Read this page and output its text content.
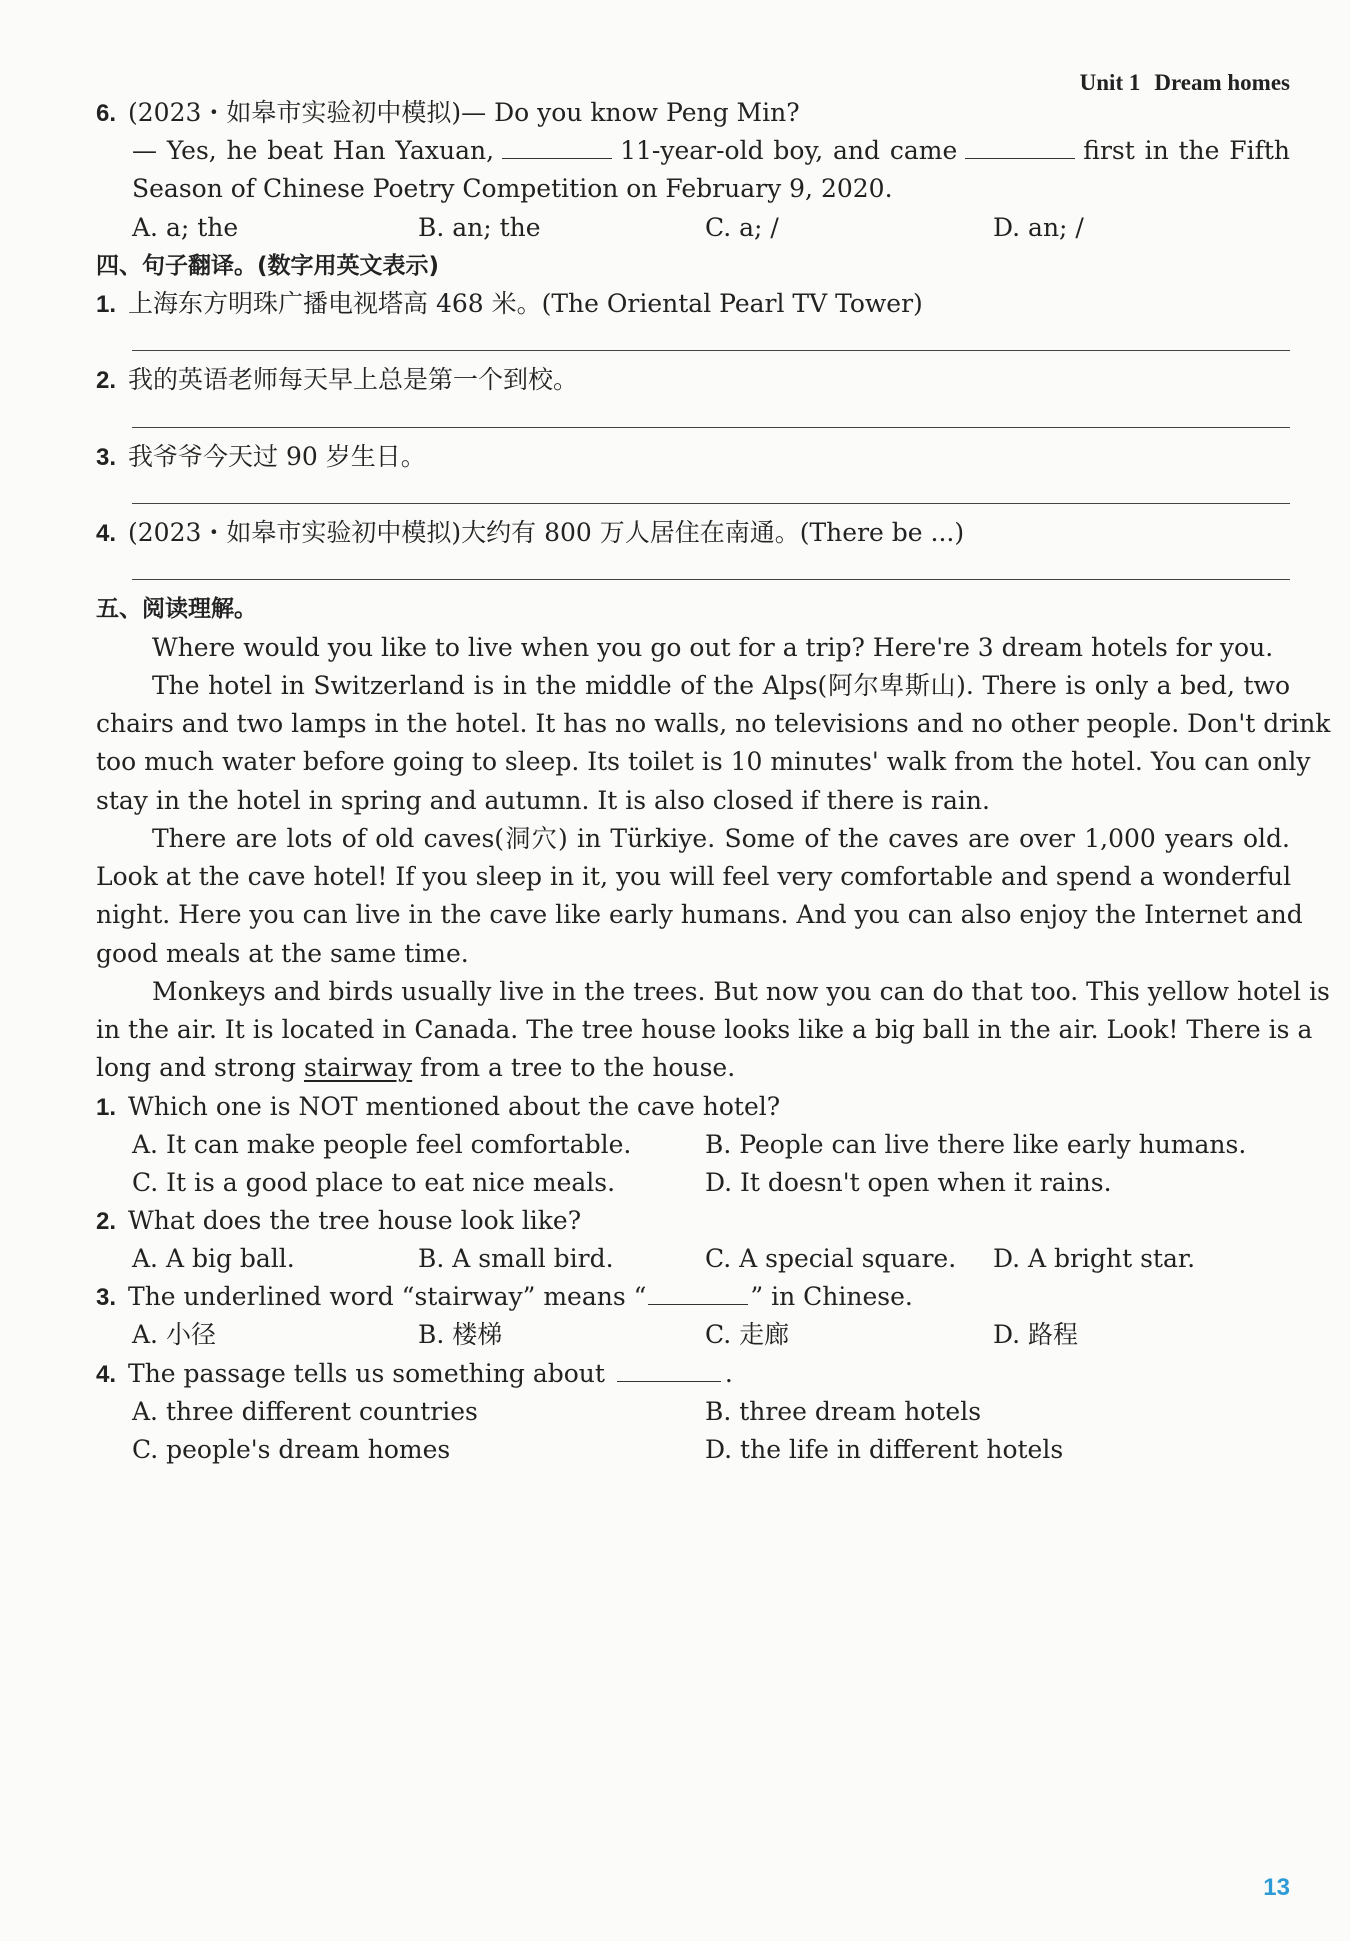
Unit 1 Dream homes
6. (2023・如皋市实验初中模拟)— Do you know Peng Min?
— Yes, he beat Han Yaxuan,	11-year-old boy, and came	first in the Fifth
Season of Chinese Poetry Competition on February 9, 2020.
A. a; the	B. an; the	C. a; /	D. an; /
四、句子翻译。(数字用英文表示)
1. 上海东方明珠广播电视塔高 468 米。(The Oriental Pearl TV Tower)
2. 我的英语老师每天早上总是第一个到校。
3. 我爷爷今天过 90 岁生日。
4. (2023・如皋市实验初中模拟)大约有 800 万人居住在南通。(There be ...)
五、阅读理解。
Where would you like to live when you go out for a trip? Here're 3 dream hotels for you.
The hotel in Switzerland is in the middle of the Alps(阿尔卑斯山). There is only a bed, two
chairs and two lamps in the hotel. It has no walls, no televisions and no other people. Don't drink
too much water before going to sleep. Its toilet is 10 minutes' walk from the hotel. You can only
stay in the hotel in spring and autumn. It is also closed if there is rain.
There are lots of old caves(洞穴) in Türkiye. Some of the caves are over 1,000 years old.
Look at the cave hotel! If you sleep in it, you will feel very comfortable and spend a wonderful
night. Here you can live in the cave like early humans. And you can also enjoy the Internet and
good meals at the same time.
Monkeys and birds usually live in the trees. But now you can do that too. This yellow hotel is
in the air. It is located in Canada. The tree house looks like a big ball in the air. Look! There is a
long and strong stairway from a tree to the house.
1. Which one is NOT mentioned about the cave hotel?
A. It can make people feel comfortable.	B. People can live there like early humans.
C. It is a good place to eat nice meals.	D. It doesn't open when it rains.
2. What does the tree house look like?
A. A big ball.	B. A small bird.	C. A special square. D. A bright star.
3. The underlined word “stairway” means “	” in Chinese.
A. 小径	B. 楼梯	C. 走廊	D. 路程
4. The passage tells us something about	.
A. three different countries	B. three dream hotels
C. people's dream homes	D. the life in different hotels
13
